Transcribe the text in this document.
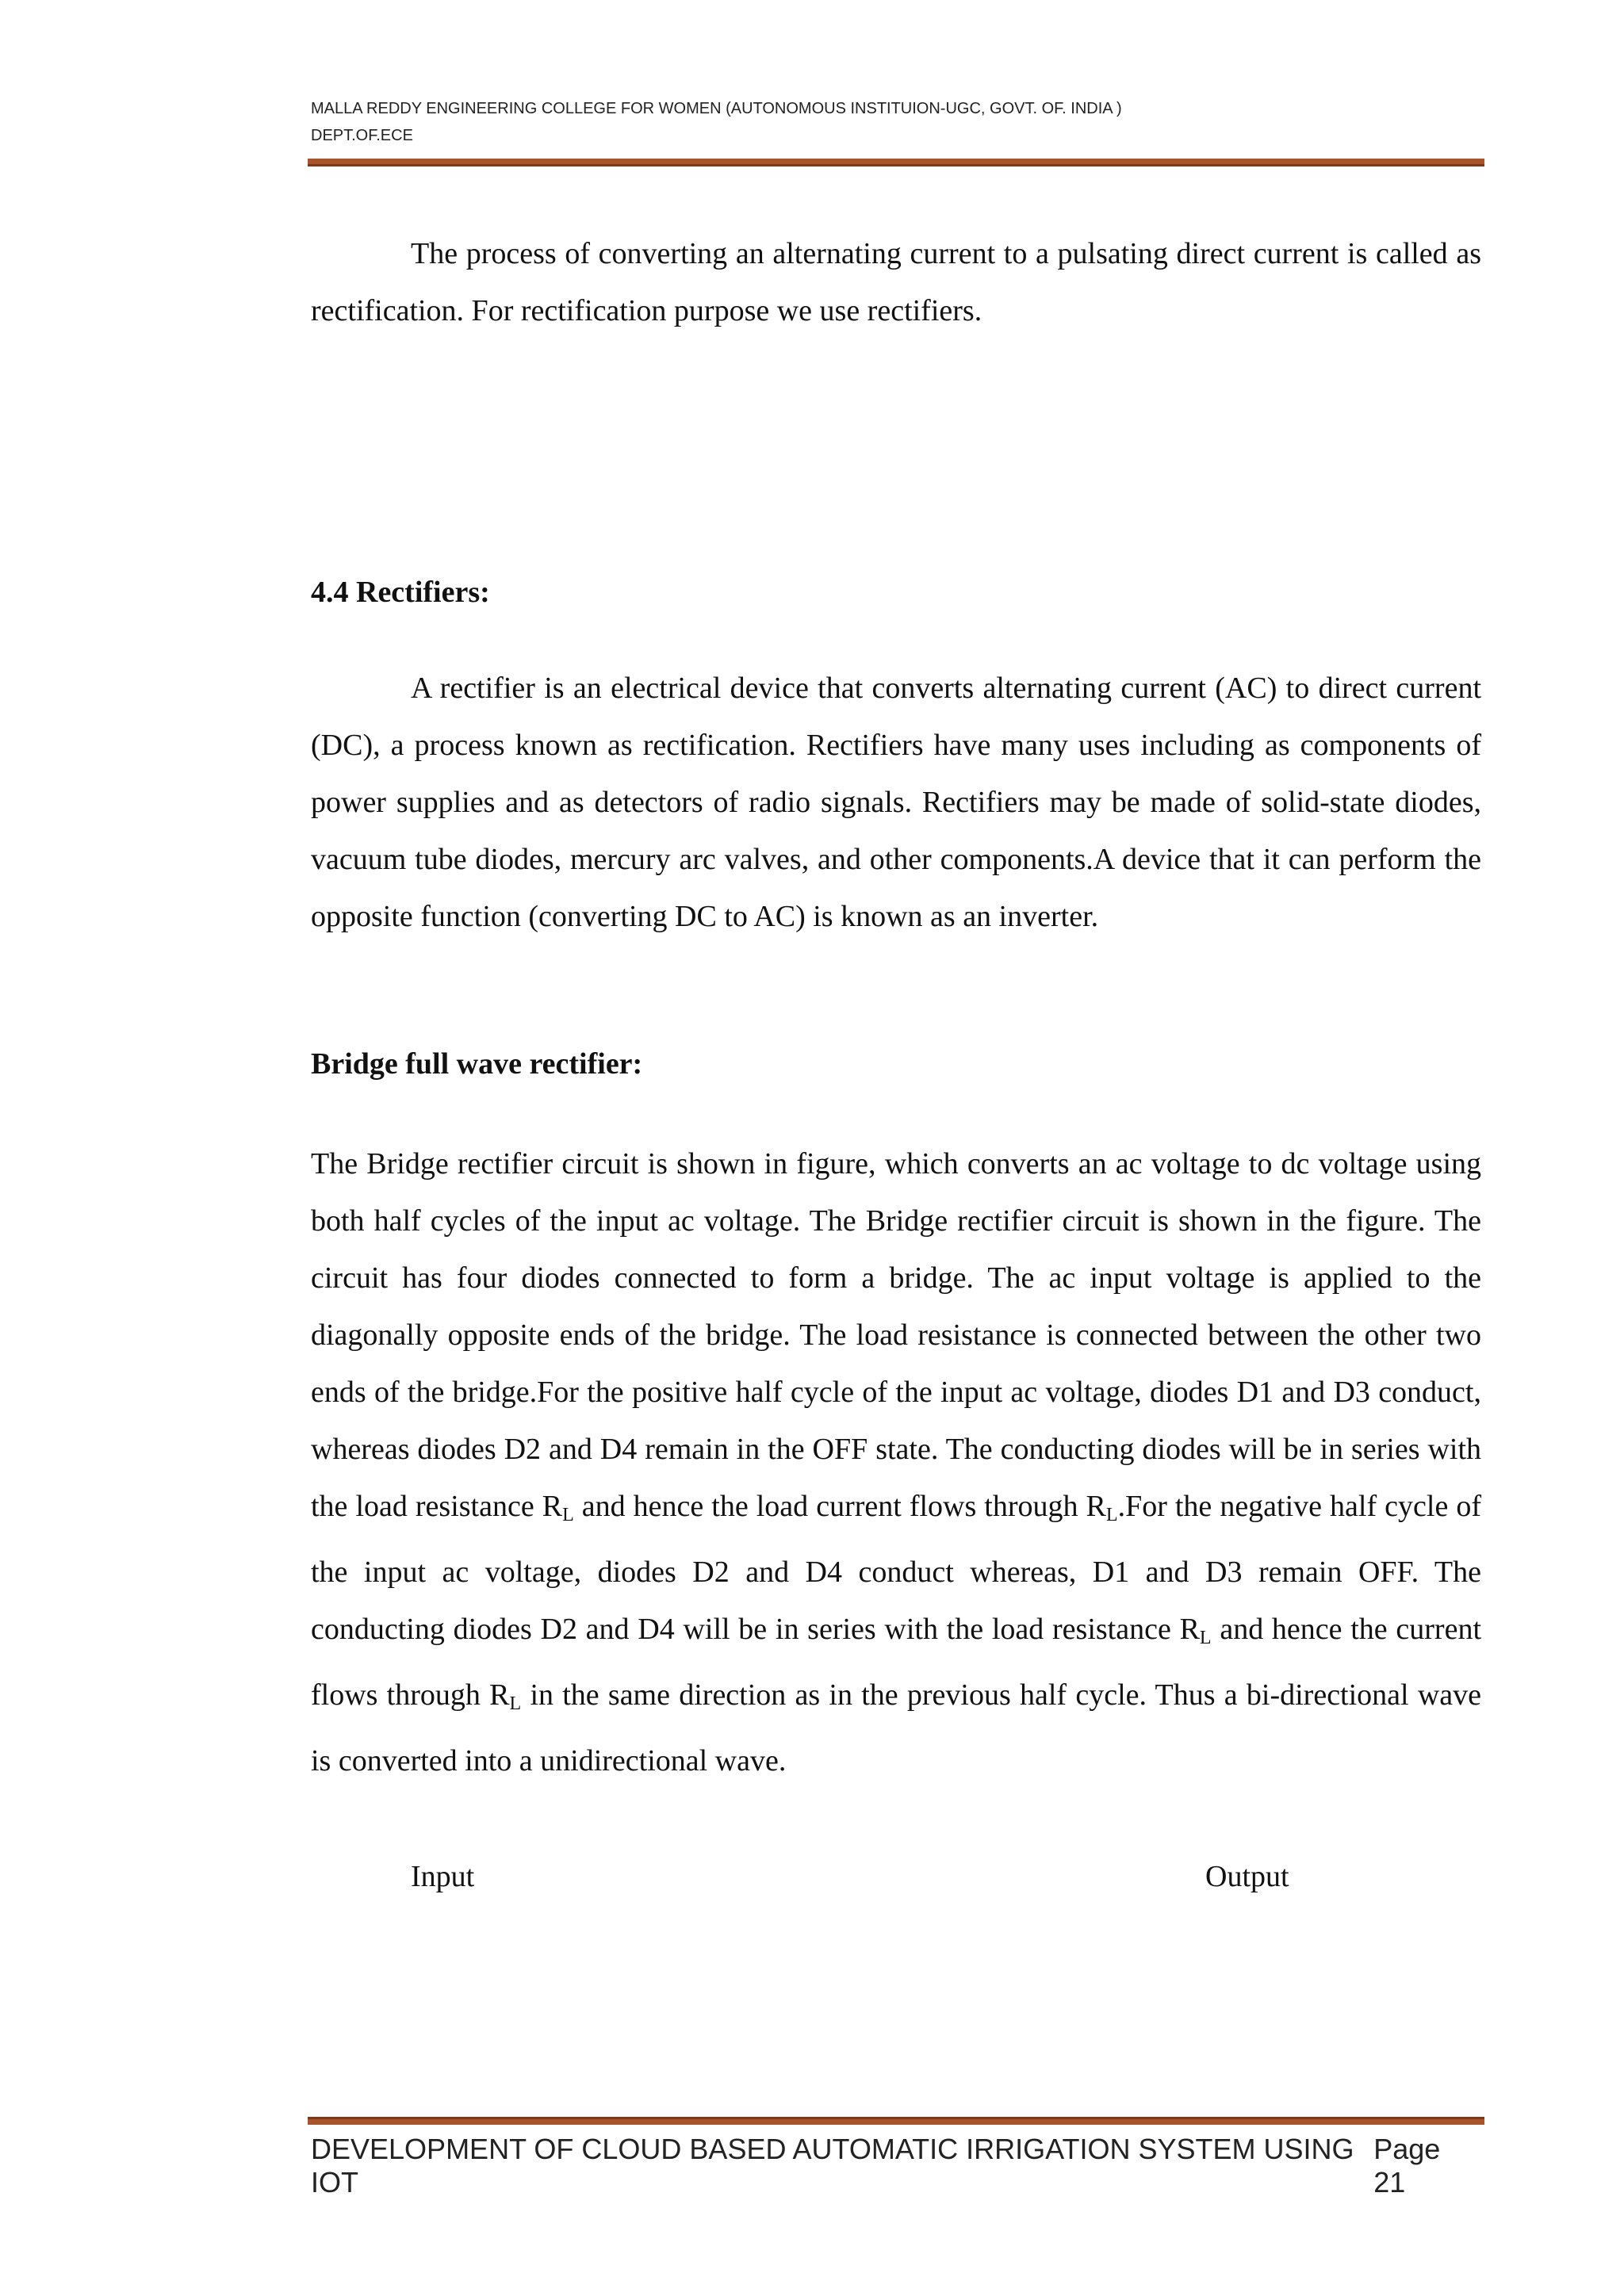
MALLA REDDY ENGINEERING COLLEGE FOR WOMEN (AUTONOMOUS INSTITUION-UGC, GOVT. OF. INDIA )
DEPT.OF.ECE

The process of converting an alternating current to a pulsating direct current is called as rectification. For rectification purpose we use rectifiers.

4.4 Rectifiers:

A rectifier is an electrical device that converts alternating current (AC) to direct current (DC), a process known as rectification. Rectifiers have many uses including as components of power supplies and as detectors of radio signals. Rectifiers may be made of solid-state diodes, vacuum tube diodes, mercury arc valves, and other components.A device that it can perform the opposite function (converting DC to AC) is known as an inverter.

Bridge full wave rectifier:

The Bridge rectifier circuit is shown in figure, which converts an ac voltage to dc voltage using both half cycles of the input ac voltage. The Bridge rectifier circuit is shown in the figure. The circuit has four diodes connected to form a bridge. The ac input voltage is applied to the diagonally opposite ends of the bridge. The load resistance is connected between the other two ends of the bridge.For the positive half cycle of the input ac voltage, diodes D1 and D3 conduct, whereas diodes D2 and D4 remain in the OFF state. The conducting diodes will be in series with the load resistance $R_L$ and hence the load current flows through $R_L.For$ the negative half cycle of the input ac voltage, diodes D2 and D4 conduct whereas, D1 and D3 remain OFF. The conducting diodes D2 and D4 will be in series with the load resistance $R_L$ and hence the current flows through $R_L$ in the same direction as in the previous half cycle. Thus a bi-directional wave is converted into a unidirectional wave.

Input	Output
DEVELOPMENT OF CLOUD BASED AUTOMATIC IRRIGATION SYSTEM USING IOT
Page 21
